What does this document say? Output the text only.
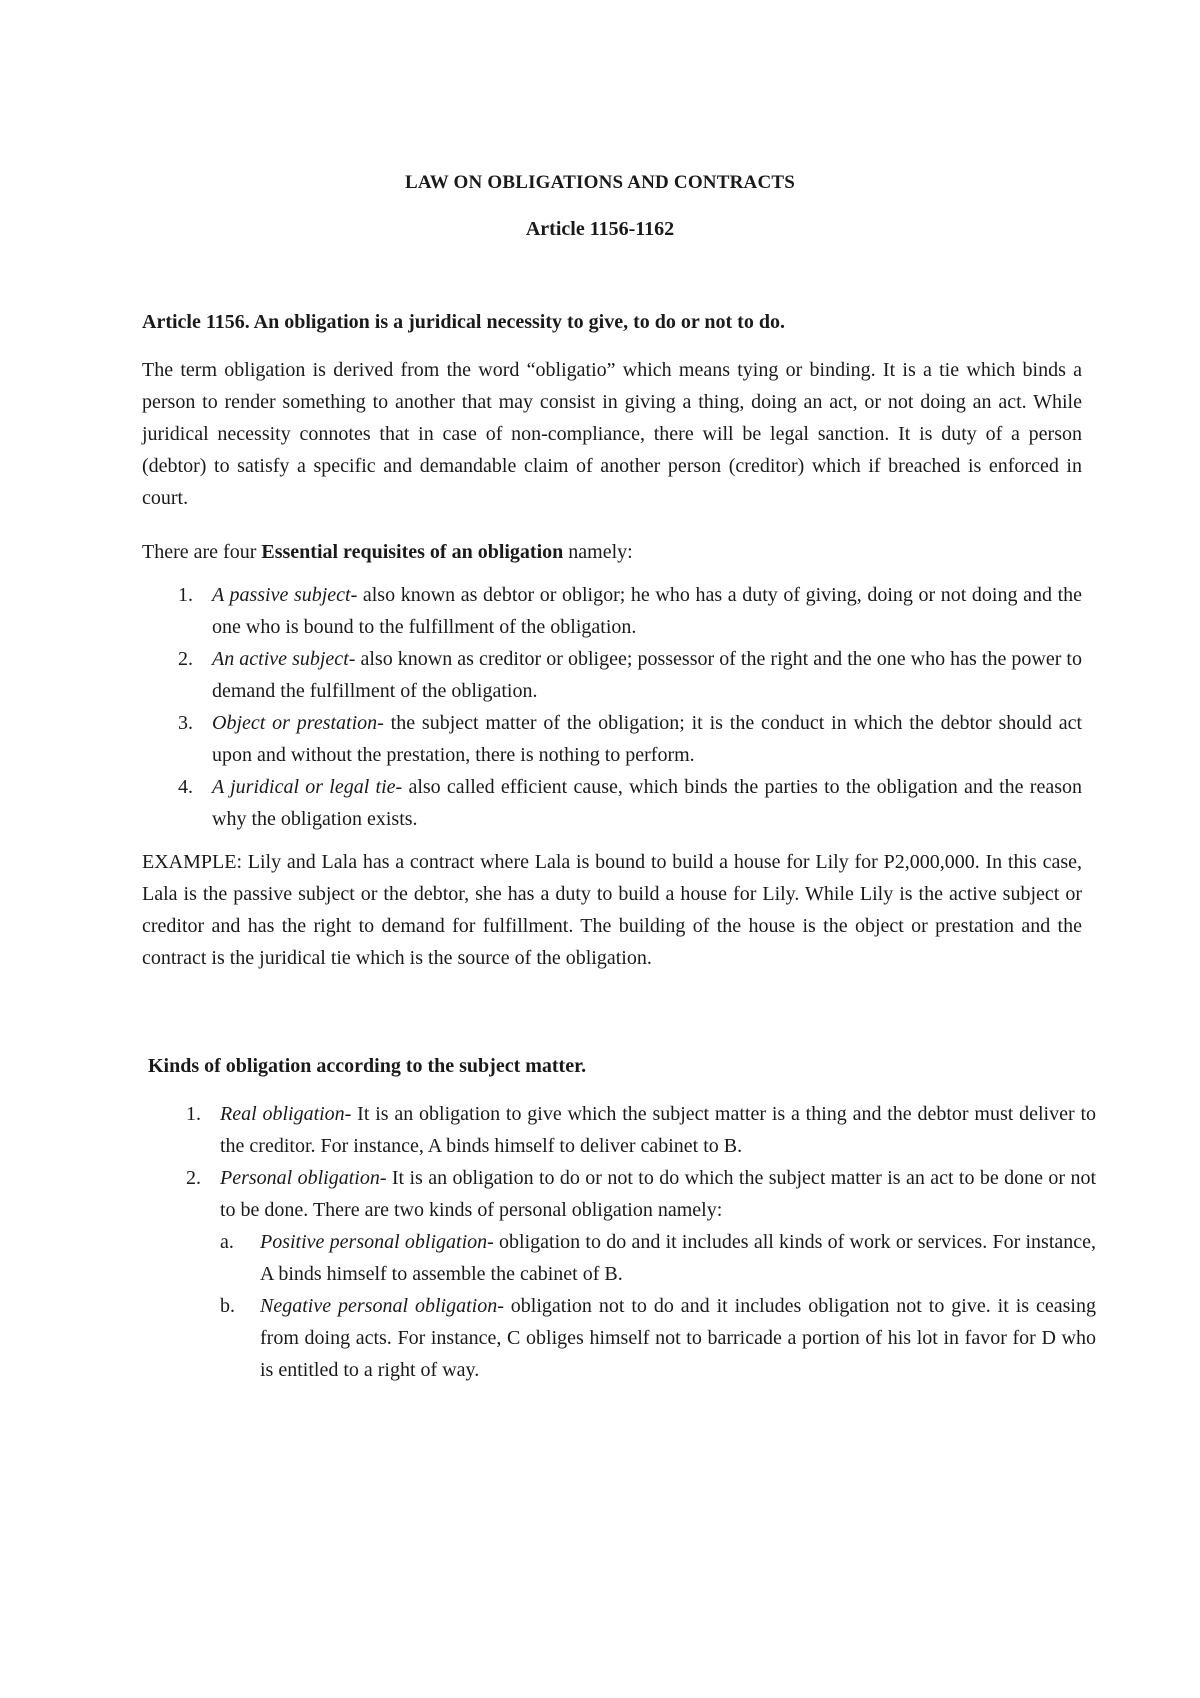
LAW ON OBLIGATIONS AND CONTRACTS

Article 1156-1162

Article 1156. An obligation is a juridical necessity to give, to do or not to do.

The term obligation is derived from the word “obligatio” which means tying or binding. It is a tie which binds a person to render something to another that may consist in giving a thing, doing an act, or not doing an act. While juridical necessity connotes that in case of non-compliance, there will be legal sanction. It is duty of a person (debtor) to satisfy a specific and demandable claim of another person (creditor) which if breached is enforced in court.

There are four Essential requisites of an obligation namely:

1. A passive subject- also known as debtor or obligor; he who has a duty of giving, doing or not doing and the one who is bound to the fulfillment of the obligation.
2. An active subject- also known as creditor or obligee; possessor of the right and the one who has the power to demand the fulfillment of the obligation.
3. Object or prestation- the subject matter of the obligation; it is the conduct in which the debtor should act upon and without the prestation, there is nothing to perform.
4. A juridical or legal tie- also called efficient cause, which binds the parties to the obligation and the reason why the obligation exists.

EXAMPLE: Lily and Lala has a contract where Lala is bound to build a house for Lily for P2,000,000. In this case, Lala is the passive subject or the debtor, she has a duty to build a house for Lily. While Lily is the active subject or creditor and has the right to demand for fulfillment. The building of the house is the object or prestation and the contract is the juridical tie which is the source of the obligation.

Kinds of obligation according to the subject matter.

1. Real obligation- It is an obligation to give which the subject matter is a thing and the debtor must deliver to the creditor. For instance, A binds himself to deliver cabinet to B.
2. Personal obligation- It is an obligation to do or not to do which the subject matter is an act to be done or not to be done. There are two kinds of personal obligation namely:
a. Positive personal obligation- obligation to do and it includes all kinds of work or services. For instance, A binds himself to assemble the cabinet of B.
b. Negative personal obligation- obligation not to do and it includes obligation not to give. it is ceasing from doing acts. For instance, C obliges himself not to barricade a portion of his lot in favor for D who is entitled to a right of way.
